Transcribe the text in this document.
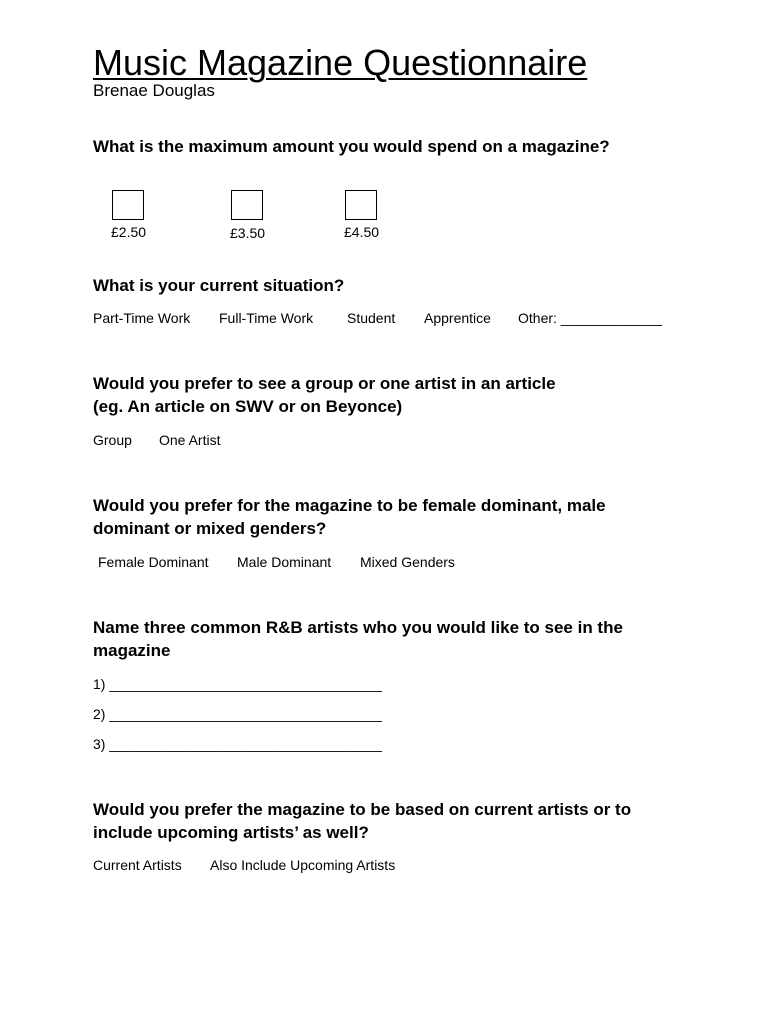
Music Magazine Questionnaire
Brenae Douglas
What is the maximum amount you would spend on a magazine?
£2.50	£3.50	£4.50
What is your current situation?
Part-Time Work Full-Time Work Student Apprentice Other: _____________
Would you prefer to see a group or one artist in an article
(eg. An article on SWV or on Beyonce)
Group One Artist
Would you prefer for the magazine to be female dominant, male
dominant or mixed genders?
Female Dominant Male Dominant Mixed Genders
Name three common R&B artists who you would like to see in the
magazine
1) ___________________________________
2) ___________________________________
3) ___________________________________
Would you prefer the magazine to be based on current artists or to
include upcoming artists’ as well?
Current Artists Also Include Upcoming Artists
